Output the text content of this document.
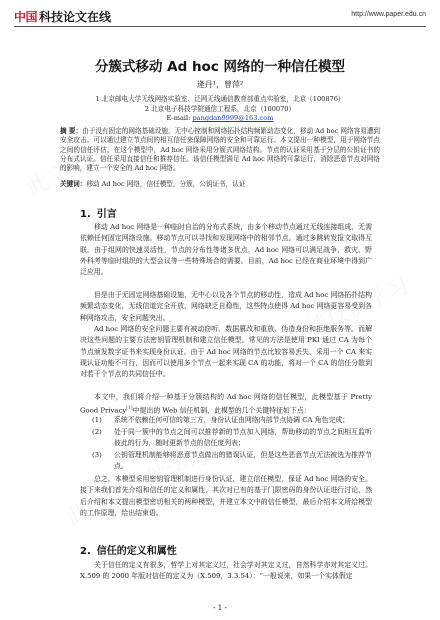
中国 科技论文在线	http://www.paper.edu.cn
分簇式移动 Ad hoc 网络的一种信任模型
逄丹¹，曾萍²
1 北京邮电大学无线网络实验室、泛网无线通信教育部重点实验室，北京（100876）
2 北京电子科技学院通信工程系，北京（100070）
E-mail: pangdan9999@163.com
摘 要：由于没有固定的网络基础设施，无中心控制和网络拓扑结构频繁动态变化，移动 Ad hoc 网络容易遭到安全攻击。可以通过建立节点间的相互信任来保障网络的安全和可靠运行。本文提出一种模型，用于网络节点之间的信任评估。在这个模型中，Ad hoc 网络采用分簇式网络结构。节点的认证采用基于分层的公钥证书的分布式认证。信任采用直接信任和推荐信任。该信任模型满足 Ad hoc 网络的可靠运行，消除恶意节点对网络的影响，建立一个安全的 Ad hoc 网络。
关键词：移动 Ad hoc 网络，信任模型，分簇，公钥证书，认证
1. 引言
移动 Ad hoc 网络是一种临时自治的分布式系统，由多个移动节点通过无线连接组成，无需依赖任何固定网络设施。移动节点可以寻找和发现网络中的相邻节点，通过多跳转发报文取得互联。由于组网的快速灵活性，节点的分布性等诸多优点，Ad hoc 网络可以满足战争、救灾、野外科考等临时组织的大型会议等一些特殊场合的需要。目前，Ad hoc 已经在商业环境中得到广泛应用。
但是由于无固定网络基础设施，无中心以及各个节点的移动性，造成 Ad hoc 网络拓扑结构频繁动态变化，无线信道完全开放，网络缺乏自稳性，这些特点使得 Ad hoc 网络更容易受到各种网络攻击，安全问题突出。
Ad hoc 网络的安全问题主要有被动窃听、数据篡改和重放、伪造身份和拒绝服务等。而解决这些问题的主要方法密钥管理机制和建立信任模型。常见的方法是使用 PKI 通过 CA 为每个节点颁发数字证书来实现身份认证。由于 Ad hoc 网络的节点比较容易丢失，采用一个 CA 来实现认证功能不可行，因而可以使用多个节点一起来实现 CA 的功能，将对一个 CA 的信任分散到对若干个节点的共同信任中。
本文中，我们将介绍一种基于分簇结构的 Ad hoc 网络的信任模型，此模型基于 Pretty Good Privacy[1]中提出的 Web 信任机制，此模型的几个关键特征如下点：
(1)	系统不依赖任何可信的第三方，身份认证由网络内部节点协调 CA 角色完成；
(2)	处于同一簇中的节点之间可以推荐新的节点加入网络，帮助移动的节点之间相互监听彼此的行为，随时更新节点的信任度列表；
(3)	公钥管理机制能够将恶意节点做出的错误认证，但是这些恶意节点无法被选为推荐节点。
总之，本模型采用密钥管理机制进行身份认证，建立信任模型，保证 Ad hoc 网络的安全。接下来我们首先介绍和信任的定义和属性，其次对已有的基于门限密码的身份认证进行讨论，然后介绍和本文提出模型密切相关的两种模型，并建立本文中的信任模型，最后介绍本文所给模型的工作原理，给出结束语。
2. 信任的定义和属性
关于信任的定义有很多，哲学上对其定义过，社会学对其定义过，自然科学亦对其定义过。X.509 的 2000 年版对信任的定义为（X.509，3.3.54）：“一般说来，如果一个实体假定
- 1 -
